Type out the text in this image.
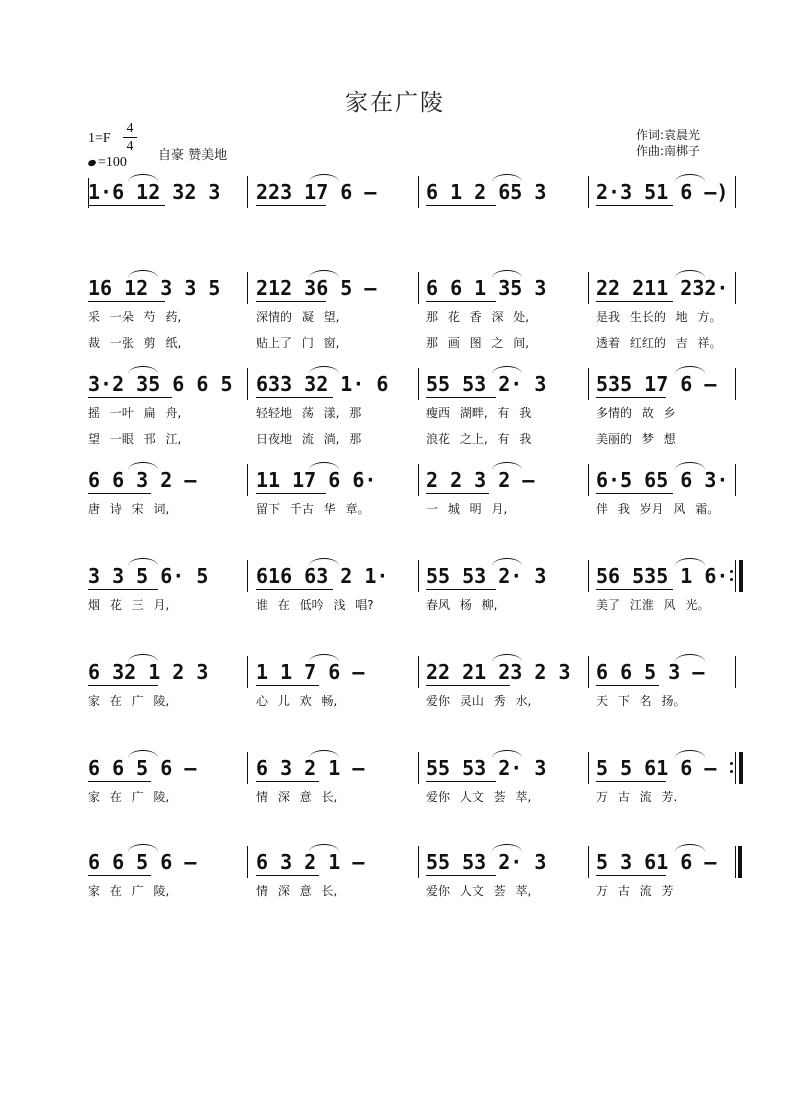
家在广陵
1=F
4
4
=100 自豪 赞美地
作词:袁晨光
作曲:南梆子
1·6 12 32 3 223 17 6 – 6 1 2 65 3 2·3 51 6 –)
16 12 3 3 5
采 一朵 芍 药,
裁 一张 剪 纸,
212 36 5 –
深情的 凝 望,
贴上了 门 窗,
6 6 1 35 3
那 花 香 深 处,
那 画 图 之 间,
22 211 232·
是我 生长的 地 方。
透着 红红的 吉 祥。
3·2 35 6 6 5
摇 一叶 扁 舟,
望 一眼 邗 江,
633 32 1· 6
轻轻地 荡 漾, 那
日夜地 流 淌, 那
55 53 2· 3
瘦西 湖畔, 有 我
浪花 之上, 有 我
535 17 6 –
多情的 故 乡
美丽的 梦 想
6 6 3 2 –
唐 诗 宋 词,
11 17 6 6·
留下 千古 华 章。
2 2 3 2 –
一 城 明 月,
6·5 65 6 3·
伴 我 岁月 风 霜。
3 3 5 6· 5
烟 花 三 月,
616 63 2 1·
谁 在 低吟 浅 唱?
55 53 2· 3
春风 杨 柳,
56 535 1 6·
美了 江淮 风 光。
6 32 1 2 3
家 在 广 陵,
1 1 7 6 –
心 儿 欢 畅,
22 21 23 2 3
爱你 灵山 秀 水,
6 6 5 3 –
天 下 名 扬。
6 6 5 6 –
家 在 广 陵,
6 3 2 1 –
情 深 意 长,
55 53 2· 3
爱你 人文 荟 萃,
5 5 61 6 –
万 古 流 芳.
6 6 5 6 –
家 在 广 陵,
6 3 2 1 –
情 深 意 长,
55 53 2· 3
爱你 人文 荟 萃,
5 3 61 6 –
万 古 流 芳
